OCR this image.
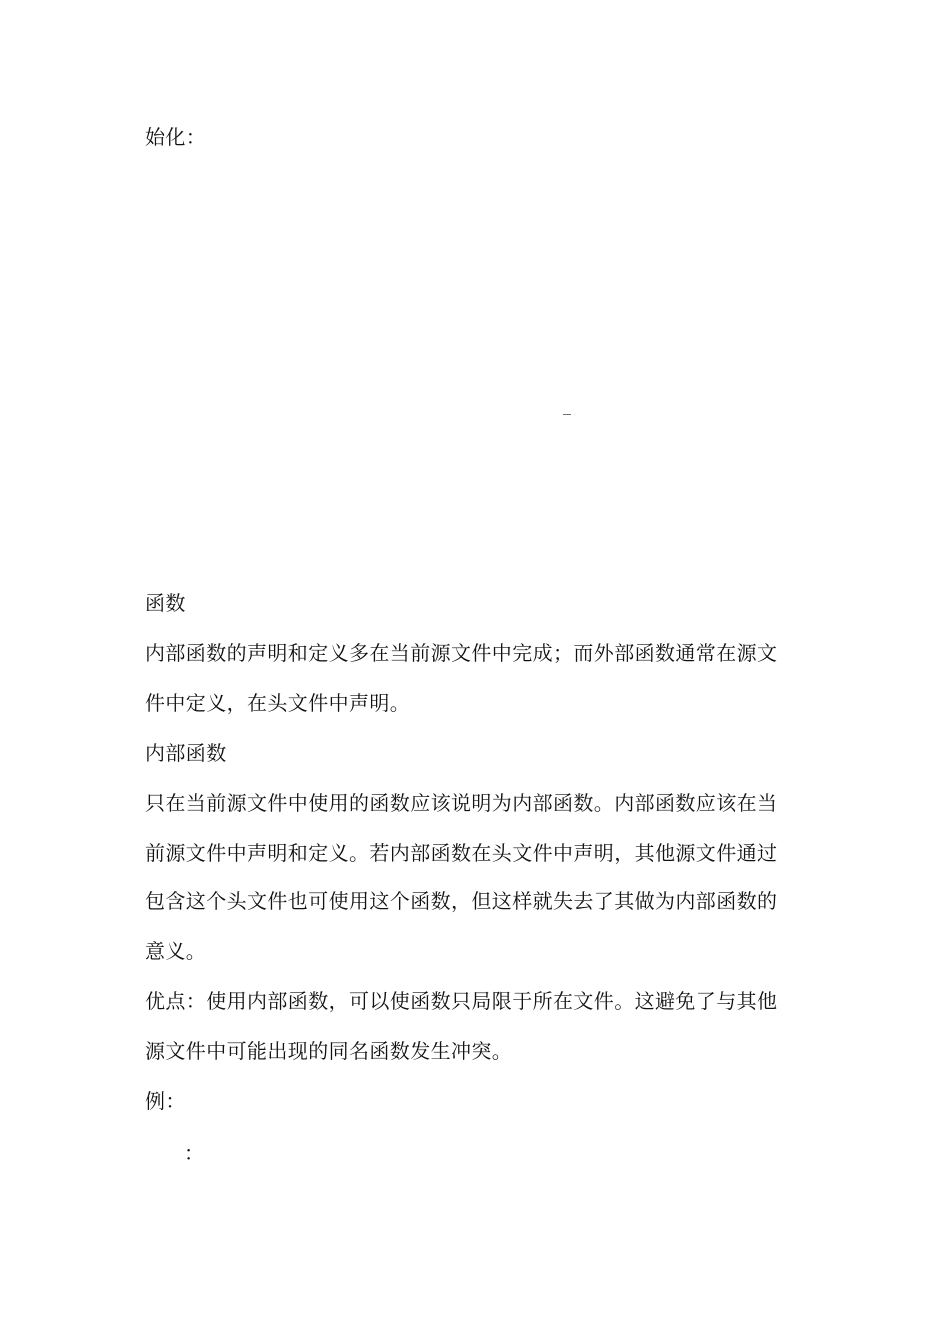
始化：
_
函数
内部函数的声明和定义多在当前源文件中完成；而外部函数通常在源文
件中定义，在头文件中声明。
内部函数
只在当前源文件中使用的函数应该说明为内部函数。内部函数应该在当
前源文件中声明和定义。若内部函数在头文件中声明，其他源文件通过
包含这个头文件也可使用这个函数，但这样就失去了其做为内部函数的
意义。
优点：使用内部函数，可以使函数只局限于所在文件。这避免了与其他
源文件中可能出现的同名函数发生冲突。
例：
：
